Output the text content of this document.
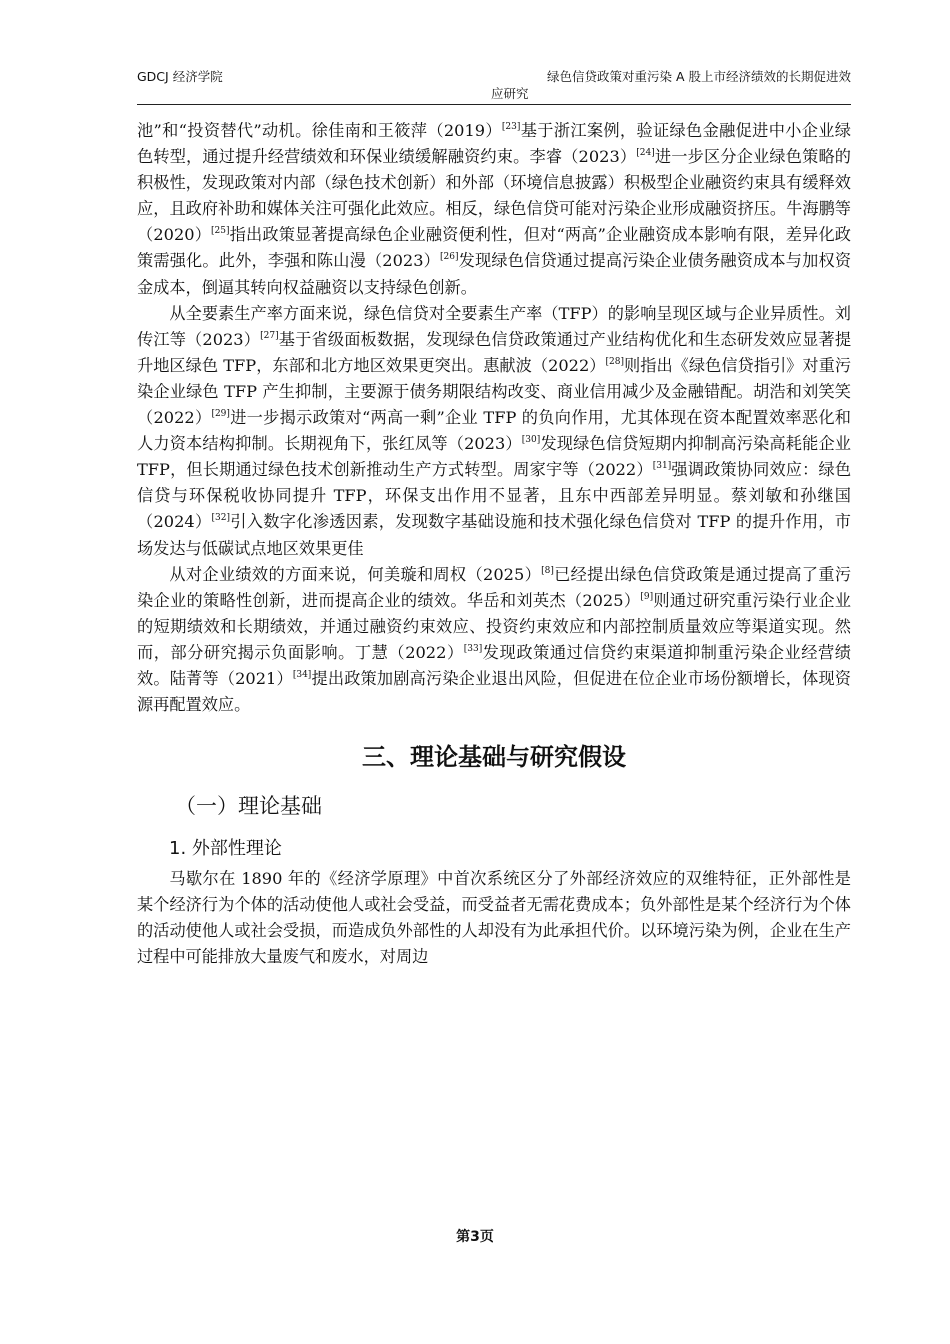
GDCJ 经济学院	绿色信贷政策对重污染 A 股上市经济绩效的长期促进效
应研究

池”和“投资替代”动机。徐佳南和王筱萍（2019）[23]基于浙江案例，验证绿色金融促进中小企业绿色转型，通过提升经营绩效和环保业绩缓解融资约束。李睿（2023）[24]进一步区分企业绿色策略的积极性，发现政策对内部（绿色技术创新）和外部（环境信息披露）积极型企业融资约束具有缓释效应，且政府补助和媒体关注可强化此效应。相反，绿色信贷可能对污染企业形成融资挤压。牛海鹏等（2020）[25]指出政策显著提高绿色企业融资便利性，但对“两高”企业融资成本影响有限，差异化政策需强化。此外，李强和陈山漫（2023）[26]发现绿色信贷通过提高污染企业债务融资成本与加权资金成本，倒逼其转向权益融资以支持绿色创新。

从全要素生产率方面来说，绿色信贷对全要素生产率（TFP）的影响呈现区域与企业异质性。刘传江等（2023）[27]基于省级面板数据，发现绿色信贷政策通过产业结构优化和生态研发效应显著提升地区绿色 TFP，东部和北方地区效果更突出。惠献波（2022）[28]则指出《绿色信贷指引》对重污染企业绿色 TFP 产生抑制，主要源于债务期限结构改变、商业信用减少及金融错配。胡浩和刘笑笑（2022）[29]进一步揭示政策对“两高一剩”企业 TFP 的负向作用，尤其体现在资本配置效率恶化和人力资本结构抑制。长期视角下，张红凤等（2023）[30]发现绿色信贷短期内抑制高污染高耗能企业 TFP，但长期通过绿色技术创新推动生产方式转型。周家宇等（2022）[31]强调政策协同效应：绿色信贷与环保税收协同提升 TFP，环保支出作用不显著，且东中西部差异明显。蔡刘敏和孙继国（2024）[32]引入数字化渗透因素，发现数字基础设施和技术强化绿色信贷对 TFP 的提升作用，市场发达与低碳试点地区效果更佳

从对企业绩效的方面来说，何美璇和周权（2025）[8]已经提出绿色信贷政策是通过提高了重污染企业的策略性创新，进而提高企业的绩效。华岳和刘英杰（2025）[9]则通过研究重污染行业企业的短期绩效和长期绩效，并通过融资约束效应、投资约束效应和内部控制质量效应等渠道实现。然而，部分研究揭示负面影响。丁慧（2022）[33]发现政策通过信贷约束渠道抑制重污染企业经营绩效。陆菁等（2021）[34]提出政策加剧高污染企业退出风险，但促进在位企业市场份额增长，体现资源再配置效应。

三、理论基础与研究假设
（一）理论基础
1. 外部性理论

马歇尔在 1890 年的《经济学原理》中首次系统区分了外部经济效应的双维特征，正外部性是某个经济行为个体的活动使他人或社会受益，而受益者无需花费成本；负外部性是某个经济行为个体的活动使他人或社会受损，而造成负外部性的人却没有为此承担代价。以环境污染为例，企业在生产过程中可能排放大量废气和废水，对周边

第3页
